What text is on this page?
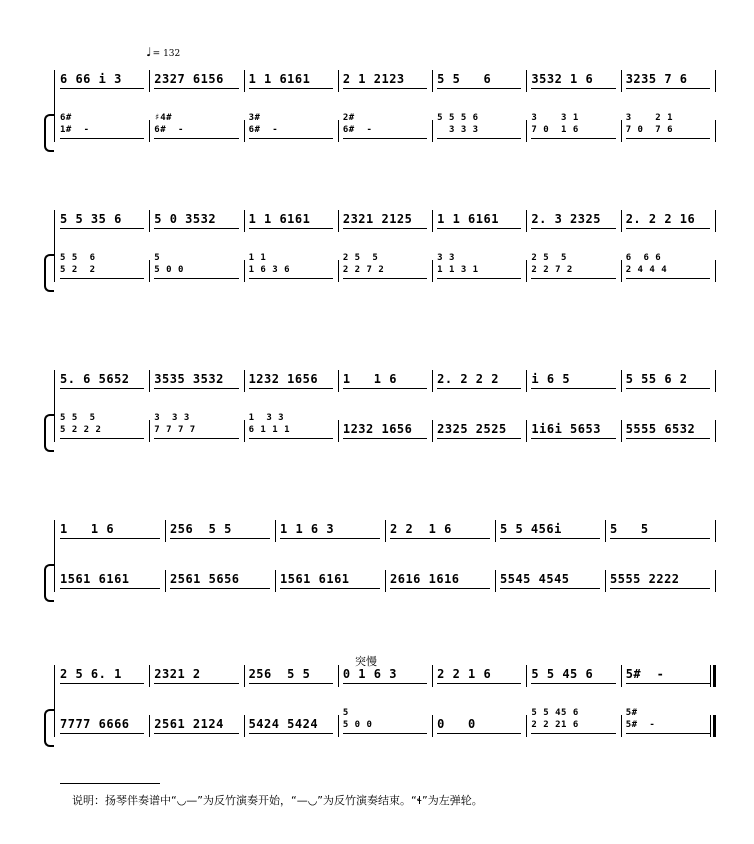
♩= 132
突慢
6 66 i 3	2327 6156 1 1 6161	2 1 2123	5 5   6	3532 1 6	3235 7 6
6#
1#  -
♯4#
6#  -
3#
6#  -
2#
6#  -
5 5 5 6
3 3 3
3    3 1
7 0  1 6
3    2 1
7 0  7 6
5 5 35 6	5 0 3532	1 1 6161	2321 2125 1 1 6161	2. 3 2325 2. 2 2 16
5 5  6
5 2  2
5
5 0 0
1 1
1 6 3 6
2 5  5
2 2 7 2
3 3
1 1 3 1
2 5  5
2 2 7 2
6  6 6
2 4 4 4
5. 6 5652 3535 3532 1232 1656 1   1 6	2. 2 2 2	i 6 5	5 55 6 2
5 5  5
5 2 2 2
3  3 3
7 7 7 7
1  3 3
6 1 1 1	1232 1656 2325 2525 1i6i 5653 5555 6532
1   1 6	256  5 5	1 1 6 3	2 2  1 6	5 5 456i	5   5
1561 6161	2561 5656	1561 6161	2616 1616	5545 4545	5555 2222
2 5 6. 1	2321 2	256  5 5	0 1 6 3	2 2 1 6	5 5 45 6	5#  -
7777 6666 2561 2124 5424 5424
5
5 0 0	0   0
5 5 45 6
2 2 21 6
5#
5#  -
说明：扬琴伴奏谱中“◡—”为反竹演奏开始，“—◡”为反竹演奏结束。“ɬ”为左弹轮。
